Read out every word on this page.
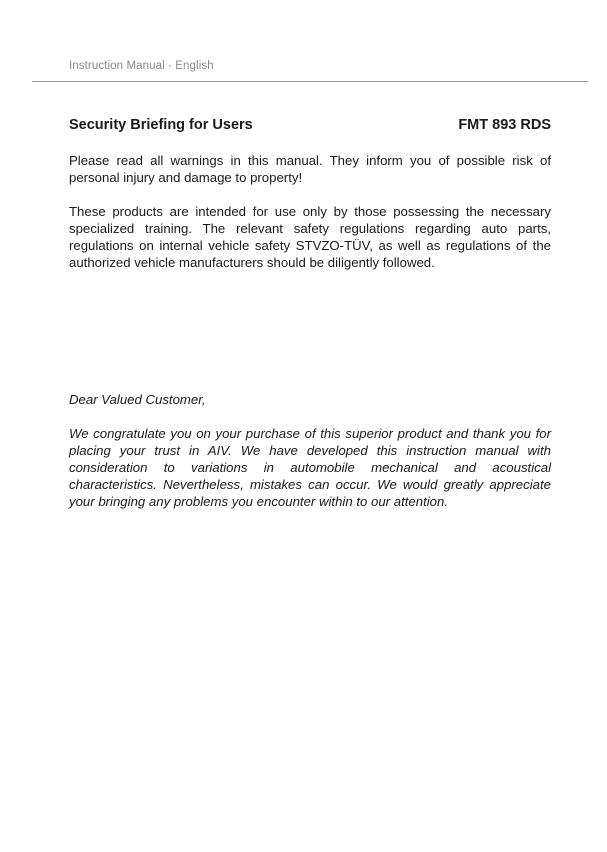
Instruction Manual · English
Security Briefing for Users	FMT 893 RDS

Please read all warnings in this manual. They inform you of possible risk of personal injury and damage to property!

These products are intended for use only by those possessing the necessary specialized training. The relevant safety regulations regarding auto parts, regulations on internal vehicle safety STVZO-TÜV, as well as regulations of the authorized vehicle manufacturers should be diligently followed.

Dear Valued Customer,

We congratulate you on your purchase of this superior product and thank you for placing your trust in AIV. We have developed this instruction manual with consideration to variations in automobile mechanical and acoustical characteristics. Nevertheless, mistakes can occur. We would greatly appreciate your bringing any problems you encounter within to our attention.
